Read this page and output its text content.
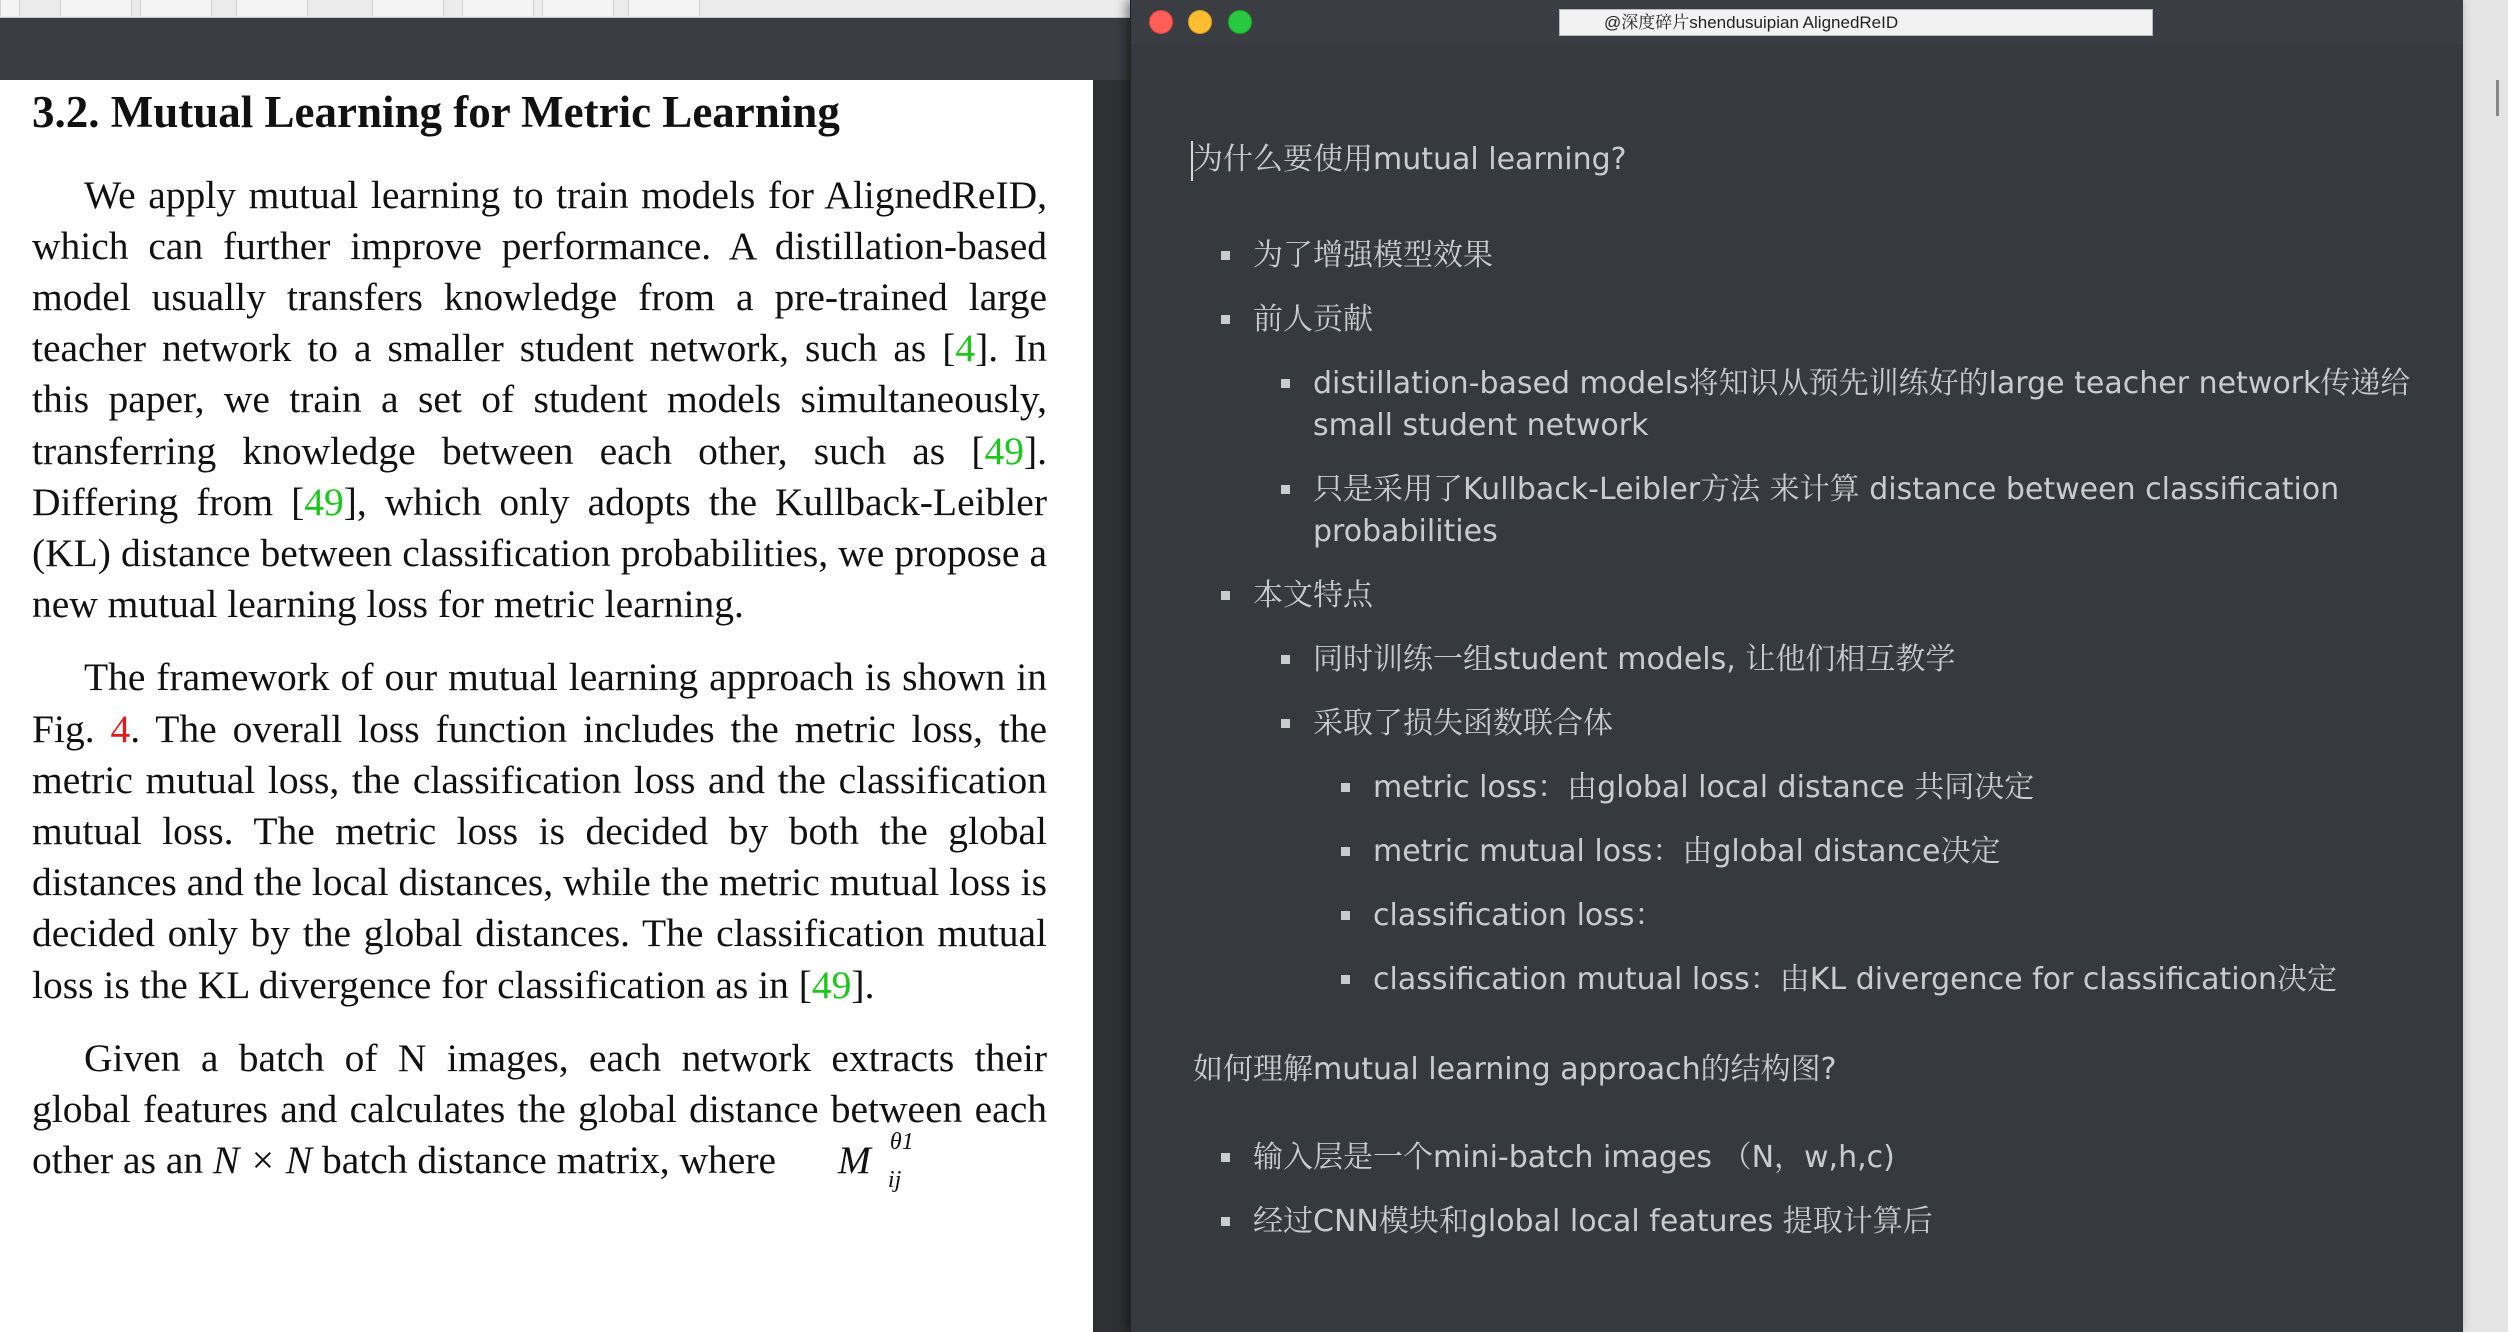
3.2. Mutual Learning for Metric Learning

We apply mutual learning to train models for AlignedReID, which can further improve performance. A distillation-based model usually transfers knowledge from a pre-trained large teacher network to a smaller student network, such as [4]. In this paper, we train a set of student models simultaneously, transferring knowledge between each other, such as [49]. Differing from [49], which only adopts the Kullback-Leibler (KL) distance between classification probabilities, we propose a new mutual learning loss for metric learning.

The framework of our mutual learning approach is shown in Fig. 4. The overall loss function includes the metric loss, the metric mutual loss, the classification loss and the classification mutual loss. The metric loss is decided by both the global distances and the local distances, while the metric mutual loss is decided only by the global distances. The classification mutual loss is the KL divergence for classification as in [49].

Given a batch of N images, each network extracts their global features and calculates the global distance between each other as an N × N batch distance matrix, where M θ1
ij

@深度碎片shendusuipian AlignedReID
为什么要使用mutual learning?
为了增强模型效果
前人贡献
distillation-based models将知识从预先训练好的large teacher network传递给
small student network
只是采用了Kullback-Leibler方法 来计算 distance between classification
probabilities
本文特点
同时训练一组student models, 让他们相互教学
采取了损失函数联合体
metric loss：由global local distance 共同决定
metric mutual loss：由global distance决定
classification loss：
classification mutual loss：由KL divergence for classification决定
如何理解mutual learning approach的结构图?
输入层是一个mini-batch images （N，w,h,c)
经过CNN模块和global local features 提取计算后
